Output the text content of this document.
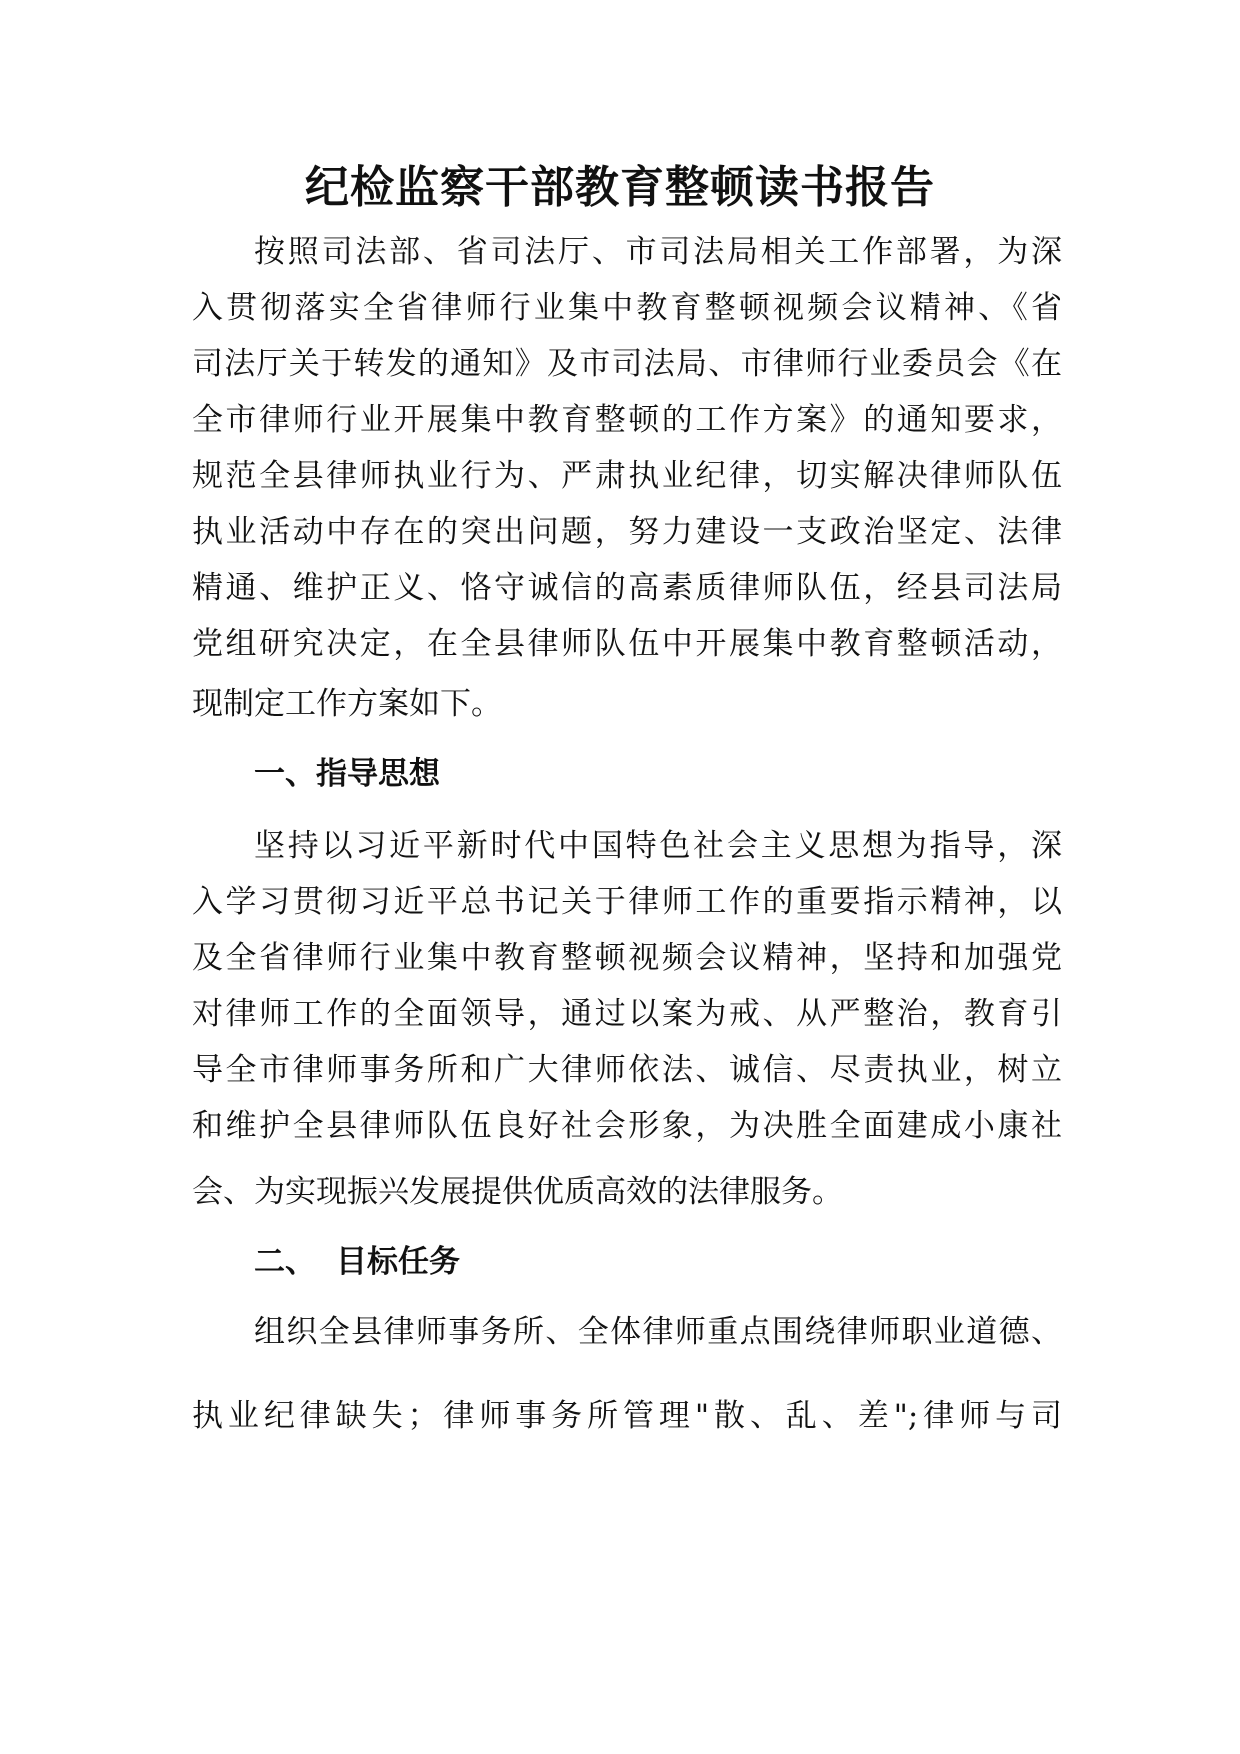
纪检监察干部教育整顿读书报告
按照司法部、省司法厅、市司法局相关工作部署，为深
入贯彻落实全省律师行业集中教育整顿视频会议精神、《省
司法厅关于转发的通知》及市司法局、市律师行业委员会《在
全市律师行业开展集中教育整顿的工作方案》的通知要求，
规范全县律师执业行为、严肃执业纪律，切实解决律师队伍
执业活动中存在的突出问题，努力建设一支政治坚定、法律
精通、维护正义、恪守诚信的高素质律师队伍，经县司法局
党组研究决定，在全县律师队伍中开展集中教育整顿活动，
现制定工作方案如下。
一、指导思想
坚持以习近平新时代中国特色社会主义思想为指导，深
入学习贯彻习近平总书记关于律师工作的重要指示精神，以
及全省律师行业集中教育整顿视频会议精神，坚持和加强党
对律师工作的全面领导，通过以案为戒、从严整治，教育引
导全市律师事务所和广大律师依法、诚信、尽责执业，树立
和维护全县律师队伍良好社会形象，为决胜全面建成小康社
会、为实现振兴发展提供优质高效的法律服务。
二、 目标任务
组织全县律师事务所、全体律师重点围绕律师职业道德、
执业纪律缺失；律师事务所管理"散、乱、差";律师与司
